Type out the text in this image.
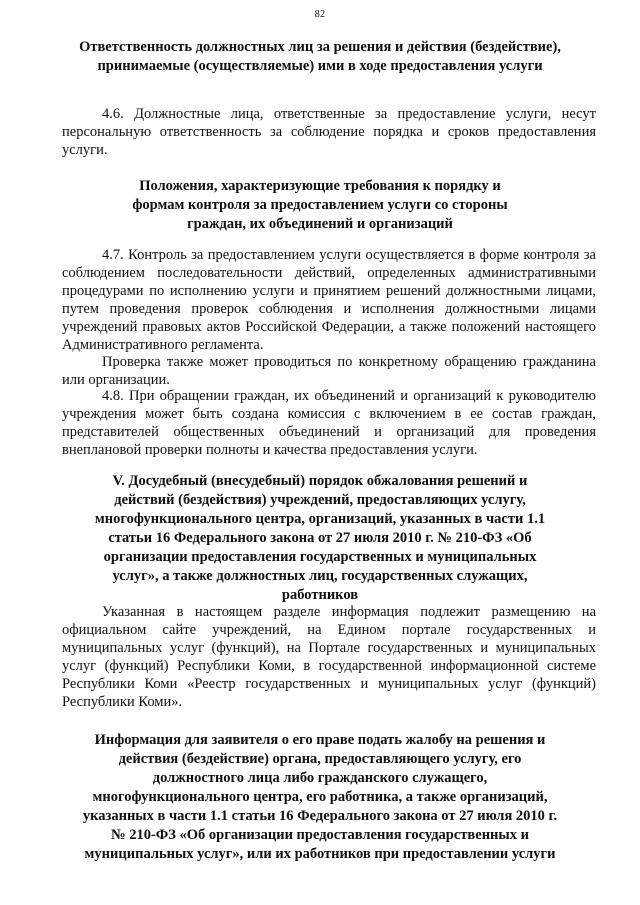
82
Ответственность должностных лиц за решения и действия (бездействие), принимаемые (осуществляемые) ими в ходе предоставления услуги

4.6. Должностные лица, ответственные за предоставление услуги, несут персональную ответственность за соблюдение порядка и сроков предоставления услуги.

Положения, характеризующие требования к порядку и формам контроля за предоставлением услуги со стороны граждан, их объединений и организаций

4.7. Контроль за предоставлением услуги осуществляется в форме контроля за соблюдением последовательности действий, определенных административными процедурами по исполнению услуги и принятием решений должностными лицами, путем проведения проверок соблюдения и исполнения должностными лицами учреждений правовых актов Российской Федерации, а также положений настоящего Административного регламента.

Проверка также может проводиться по конкретному обращению гражданина или организации.

4.8. При обращении граждан, их объединений и организаций к руководителю учреждения может быть создана комиссия с включением в ее состав граждан, представителей общественных объединений и организаций для проведения внеплановой проверки полноты и качества предоставления услуги.

V. Досудебный (внесудебный) порядок обжалования решений и действий (бездействия) учреждений, предоставляющих услугу, многофункционального центра, организаций, указанных в части 1.1 статьи 16 Федерального закона от 27 июля 2010 г. № 210-ФЗ «Об организации предоставления государственных и муниципальных услуг», а также должностных лиц, государственных служащих, работников

Указанная в настоящем разделе информация подлежит размещению на официальном сайте учреждений, на Едином портале государственных и муниципальных услуг (функций), на Портале государственных и муниципальных услуг (функций) Республики Коми, в государственной информационной системе Республики Коми «Реестр государственных и муниципальных услуг (функций) Республики Коми».

Информация для заявителя о его праве подать жалобу на решения и действия (бездействие) органа, предоставляющего услугу, его должностного лица либо гражданского служащего, многофункционального центра, его работника, а также организаций, указанных в части 1.1 статьи 16 Федерального закона от 27 июля 2010 г. № 210-ФЗ «Об организации предоставления государственных и муниципальных услуг», или их работников при предоставлении услуги
